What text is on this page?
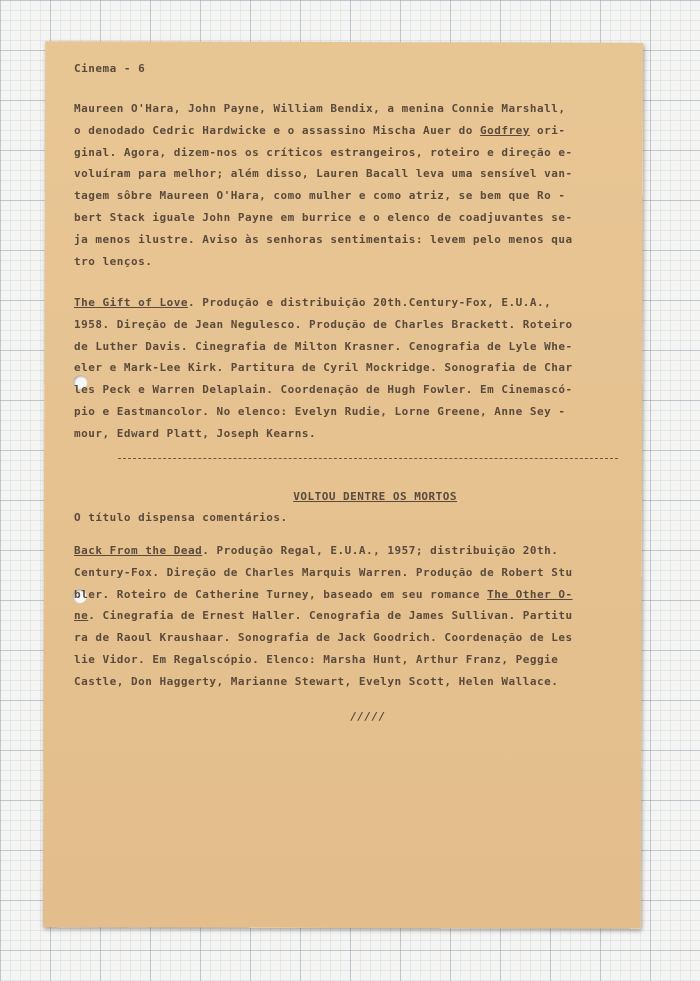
Cinema - 6
Maureen O'Hara, John Payne, William Bendix, a menina Connie Marshall,
o denodado Cedric Hardwicke e o assassino Mischa Auer do Godfrey ori-
ginal. Agora, dizem-nos os críticos estrangeiros, roteiro e direção e-
voluíram para melhor; além disso, Lauren Bacall leva uma sensível van-
tagem sôbre Maureen O'Hara, como mulher e como atriz, se bem que Ro -
bert Stack iguale John Payne em burrice e o elenco de coadjuvantes se-
ja menos ilustre. Aviso às senhoras sentimentais: levem pelo menos qua
tro lenços.
The Gift of Love. Produção e distribuição 20th.Century-Fox, E.U.A.,
1958. Direção de Jean Negulesco. Produção de Charles Brackett. Roteiro
de Luther Davis. Cinegrafia de Milton Krasner. Cenografia de Lyle Whe-
eler e Mark-Lee Kirk. Partitura de Cyril Mockridge. Sonografia de Char
les Peck e Warren Delaplain. Coordenação de Hugh Fowler. Em Cinemascó-
pio e Eastmancolor. No elenco: Evelyn Rudie, Lorne Greene, Anne Sey -
mour, Edward Platt, Joseph Kearns.

VOLTOU DENTRE OS MORTOS

O título dispensa comentários.
Back From the Dead. Produção Regal, E.U.A., 1957; distribuição 20th.
Century-Fox. Direção de Charles Marquis Warren. Produção de Robert Stu
bler. Roteiro de Catherine Turney, baseado em seu romance The Other O-
ne. Cinegrafia de Ernest Haller. Cenografia de James Sullivan. Partitu
ra de Raoul Kraushaar. Sonografia de Jack Goodrich. Coordenação de Les
lie Vidor. Em Regalscópio. Elenco: Marsha Hunt, Arthur Franz, Peggie
Castle, Don Haggerty, Marianne Stewart, Evelyn Scott, Helen Wallace.
/////
